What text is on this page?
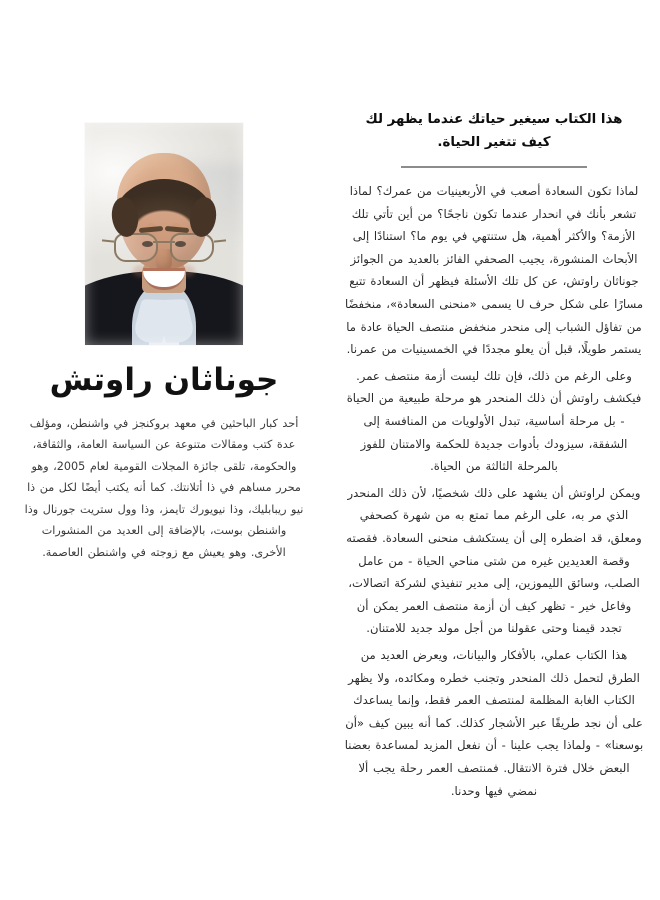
جوناثان راوتش
أحد كبار الباحثين في معهد بروكنجز في واشنطن، ومؤلف عدة كتب ومقالات متنوعة عن السياسة العامة، والثقافة، والحكومة، تلقى جائزة المجلات القومية لعام 2005، وهو محرر مساهم في ذا أتلانتك. كما أنه يكتب أيضًا لكل من ذا نيو ريبابليك، وذا نيويورك تايمز، وذا وول ستريت جورنال وذا واشنطن بوست، بالإضافة إلى العديد من المنشورات الأخرى. وهو يعيش مع زوجته في واشنطن العاصمة.
هذا الكتاب سيغير حياتك عندما يظهر لك كيف تتغير الحياة.

لماذا تكون السعادة أصعب في الأربعينيات من عمرك؟ لماذا تشعر بأنك في انحدار عندما تكون ناجحًا؟ من أين تأتي تلك الأزمة؟ والأكثر أهمية، هل ستنتهي في يوم ما؟ استنادًا إلى الأبحاث المنشورة، يجيب الصحفي الفائز بالعديد من الجوائز جوناثان راوتش، عن كل تلك الأسئلة فيظهر أن السعادة تتبع مسارًا على شكل حرف U يسمى «منحنى السعادة»، منخفضًا من تفاؤل الشباب إلى منحدر منخفض منتصف الحياة عادة ما يستمر طويلًا، قبل أن يعلو مجددًا في الخمسينيات من عمرنا.

وعلى الرغم من ذلك، فإن تلك ليست أزمة منتصف عمر. فيكشف راوتش أن ذلك المنحدر هو مرحلة طبيعية من الحياة - بل مرحلة أساسية، تبدل الأولويات من المنافسة إلى الشفقة، سيزودك بأدوات جديدة للحكمة والامتنان للفوز بالمرحلة الثالثة من الحياة.

ويمكن لراوتش أن يشهد على ذلك شخصيًا، لأن ذلك المنحدر الذي مر به، على الرغم مما تمتع به من شهرة كصحفي ومعلق، قد اضطره إلى أن يستكشف منحنى السعادة. فقصته وقصة العديدين غيره من شتى مناحي الحياة - من عامل الصلب، وسائق الليموزين، إلى مدير تنفيذي لشركة اتصالات، وفاعل خير - تظهر كيف أن أزمة منتصف العمر يمكن أن تجدد قيمنا وحتى عقولنا من أجل مولد جديد للامتنان.

هذا الكتاب عملي، بالأفكار والبيانات، ويعرض العديد من الطرق لتحمل ذلك المنحدر وتجنب خطره ومكائده، ولا يظهر الكتاب الغابة المظلمة لمنتصف العمر فقط، وإنما يساعدك على أن نجد طريقًا عبر الأشجار كذلك. كما أنه يبين كيف «أن بوسعنا» - ولماذا يجب علينا - أن نفعل المزيد لمساعدة بعضنا البعض خلال فترة الانتقال. فمنتصف العمر رحلة يجب ألا نمضي فيها وحدنا.
